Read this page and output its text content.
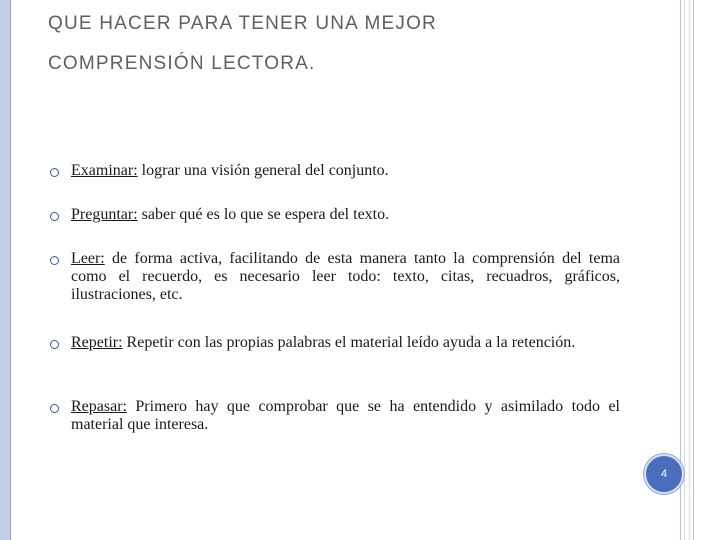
QUE HACER PARA TENER UNA MEJOR
COMPRENSIÓN LECTORA.
Examinar: lograr una visión general del conjunto.
Preguntar: saber qué es lo que se espera del texto.
Leer: de forma activa, facilitando de esta manera tanto la comprensión del tema como el recuerdo, es necesario leer todo: texto, citas, recuadros, gráficos, ilustraciones, etc.
Repetir: Repetir con las propias palabras el material leído ayuda a la retención.
Repasar: Primero hay que comprobar que se ha entendido y asimilado todo el material que interesa.
4
